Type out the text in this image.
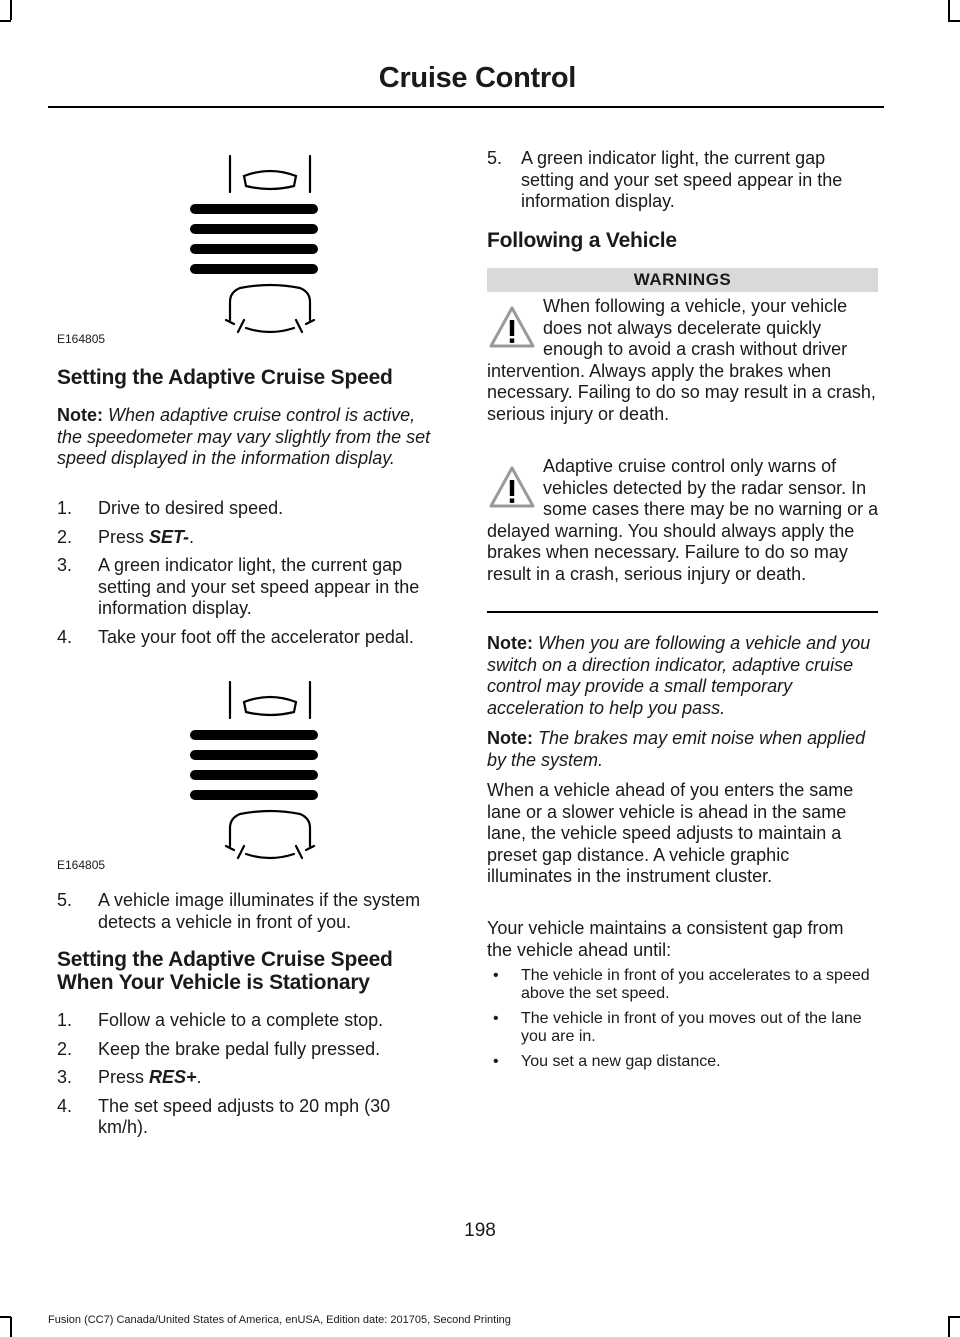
Cruise Control
E164805
Setting the Adaptive Cruise Speed

Note: When adaptive cruise control is active, the speedometer may vary slightly from the set speed displayed in the information display.

1. Drive to desired speed.
2. Press SET-.
3. A green indicator light, the current gap setting and your set speed appear in the information display.
4. Take your foot off the accelerator pedal.
E164805
5. A vehicle image illuminates if the system detects a vehicle in front of you.
Setting the Adaptive Cruise Speed When Your Vehicle is Stationary
1. Follow a vehicle to a complete stop.
2. Keep the brake pedal fully pressed.
3. Press RES+.
4. The set speed adjusts to 20 mph (30 km/h).
5. A green indicator light, the current gap setting and your set speed appear in the information display.
Following a Vehicle
WARNINGS

When following a vehicle, your vehicle does not always decelerate quickly enough to avoid a crash without driver intervention. Always apply the brakes when necessary. Failing to do so may result in a crash, serious injury or death.

Adaptive cruise control only warns of vehicles detected by the radar sensor. In some cases there may be no warning or a delayed warning. You should always apply the brakes when necessary. Failure to do so may result in a crash, serious injury or death.

Note: When you are following a vehicle and you switch on a direction indicator, adaptive cruise control may provide a small temporary acceleration to help you pass.

Note: The brakes may emit noise when applied by the system.

When a vehicle ahead of you enters the same lane or a slower vehicle is ahead in the same lane, the vehicle speed adjusts to maintain a preset gap distance. A vehicle graphic illuminates in the instrument cluster.

Your vehicle maintains a consistent gap from the vehicle ahead until:

• The vehicle in front of you accelerates to a speed above the set speed.
• The vehicle in front of you moves out of the lane you are in.
• You set a new gap distance.
198
Fusion (CC7) Canada/United States of America, enUSA, Edition date: 201705, Second Printing
